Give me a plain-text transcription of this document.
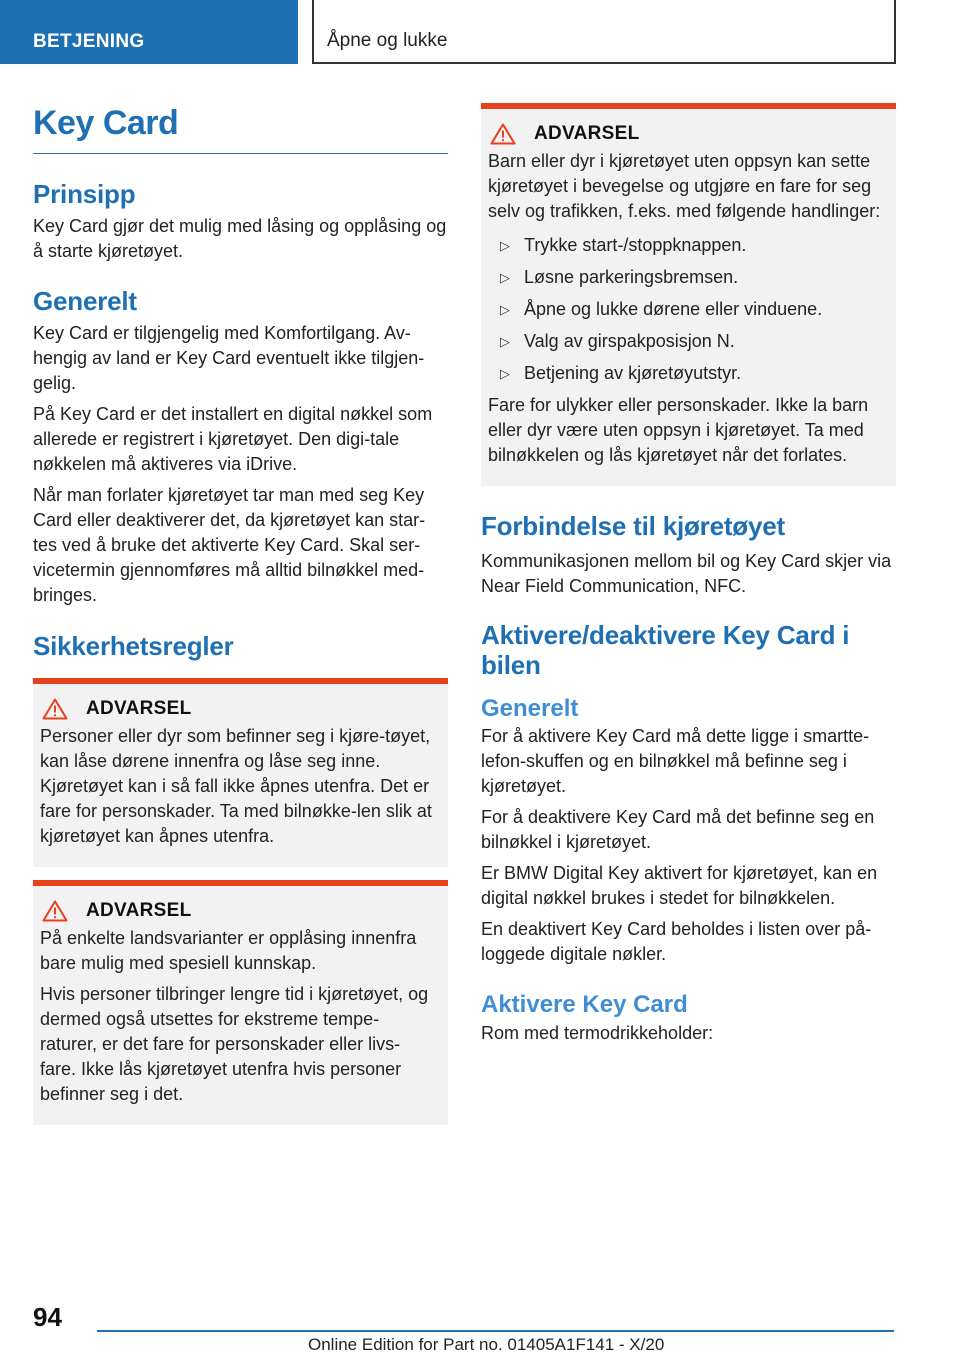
BETJENING	Åpne og lukke
Key Card
Prinsipp

Key Card gjør det mulig med låsing og opplåsing og å starte kjøretøyet.

Generelt

Key Card er tilgjengelig med Komfortilgang. Av-hengig av land er Key Card eventuelt ikke tilgjen-gelig.

På Key Card er det installert en digital nøkkel som allerede er registrert i kjøretøyet. Den digi-tale nøkkelen må aktiveres via iDrive.

Når man forlater kjøretøyet tar man med seg Key Card eller deaktiverer det, da kjøretøyet kan star-tes ved å bruke det aktiverte Key Card. Skal ser-vicetermin gjennomføres må alltid bilnøkkel med-bringes.

Sikkerhetsregler
ADVARSEL

Personer eller dyr som befinner seg i kjøre-tøyet, kan låse dørene innenfra og låse seg inne. Kjøretøyet kan i så fall ikke åpnes utenfra. Det er fare for personskader. Ta med bilnøkke-len slik at kjøretøyet kan åpnes utenfra.

ADVARSEL

På enkelte landsvarianter er opplåsing innenfra bare mulig med spesiell kunnskap.

Hvis personer tilbringer lengre tid i kjøretøyet, og dermed også utsettes for ekstreme tempe-raturer, er det fare for personskader eller livs-fare. Ikke lås kjøretøyet utenfra hvis personer befinner seg i det.

ADVARSEL

Barn eller dyr i kjøretøyet uten oppsyn kan sette kjøretøyet i bevegelse og utgjøre en fare for seg selv og trafikken, f.eks. med følgende handlinger:

▷ Trykke start-/stoppknappen.
▷ Løsne parkeringsbremsen.
▷ Åpne og lukke dørene eller vinduene.
▷ Valg av girspakposisjon N.
▷ Betjening av kjøretøyutstyr.

Fare for ulykker eller personskader. Ikke la barn eller dyr være uten oppsyn i kjøretøyet. Ta med bilnøkkelen og lås kjøretøyet når det forlates.

Forbindelse til kjøretøyet

Kommunikasjonen mellom bil og Key Card skjer via Near Field Communication, NFC.

Aktivere/deaktivere Key Card i bilen
Generelt

For å aktivere Key Card må dette ligge i smartte-lefon-skuffen og en bilnøkkel må befinne seg i kjøretøyet.

For å deaktivere Key Card må det befinne seg en bilnøkkel i kjøretøyet.

Er BMW Digital Key aktivert for kjøretøyet, kan en digital nøkkel brukes i stedet for bilnøkkelen.

En deaktivert Key Card beholdes i listen over på-loggede digitale nøkler.

Aktivere Key Card

Rom med termodrikkeholder:

94
Online Edition for Part no. 01405A1F141 - X/20
